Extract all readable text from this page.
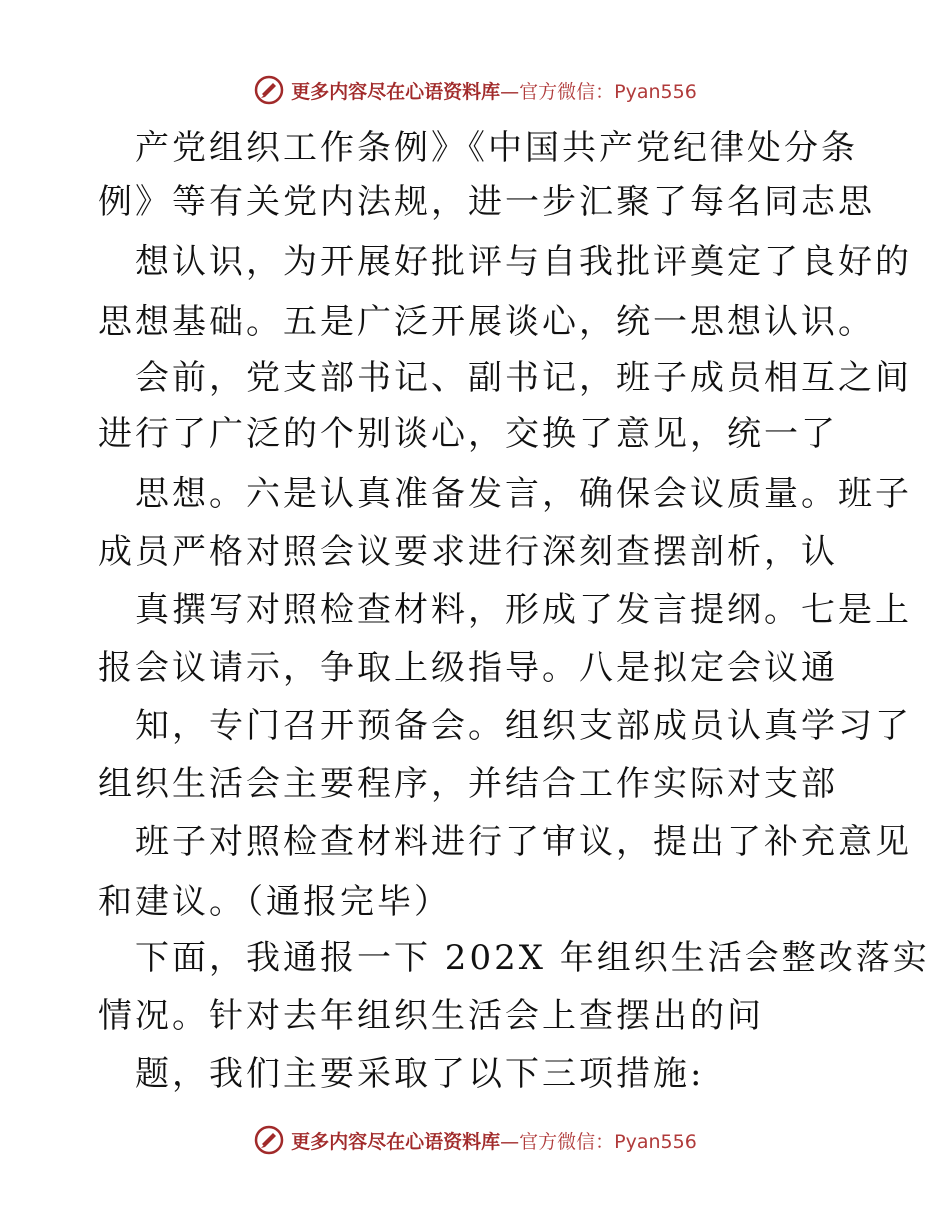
更多内容尽在心语资料库—官方微信：Pyan556
产党组织工作条例》《中国共产党纪律处分条
例》等有关党内法规，进一步汇聚了每名同志思
想认识，为开展好批评与自我批评奠定了良好的
思想基础。五是广泛开展谈心，统一思想认识。
会前，党支部书记、副书记，班子成员相互之间
进行了广泛的个别谈心，交换了意见，统一了
思想。六是认真准备发言，确保会议质量。班子
成员严格对照会议要求进行深刻查摆剖析，认
真撰写对照检查材料，形成了发言提纲。七是上
报会议请示，争取上级指导。八是拟定会议通
知，专门召开预备会。组织支部成员认真学习了
组织生活会主要程序，并结合工作实际对支部
班子对照检查材料进行了审议，提出了补充意见
和建议。（通报完毕）
下面，我通报一下 202X 年组织生活会整改落实
情况。针对去年组织生活会上查摆出的问
题，我们主要采取了以下三项措施:
更多内容尽在心语资料库—官方微信：Pyan556
